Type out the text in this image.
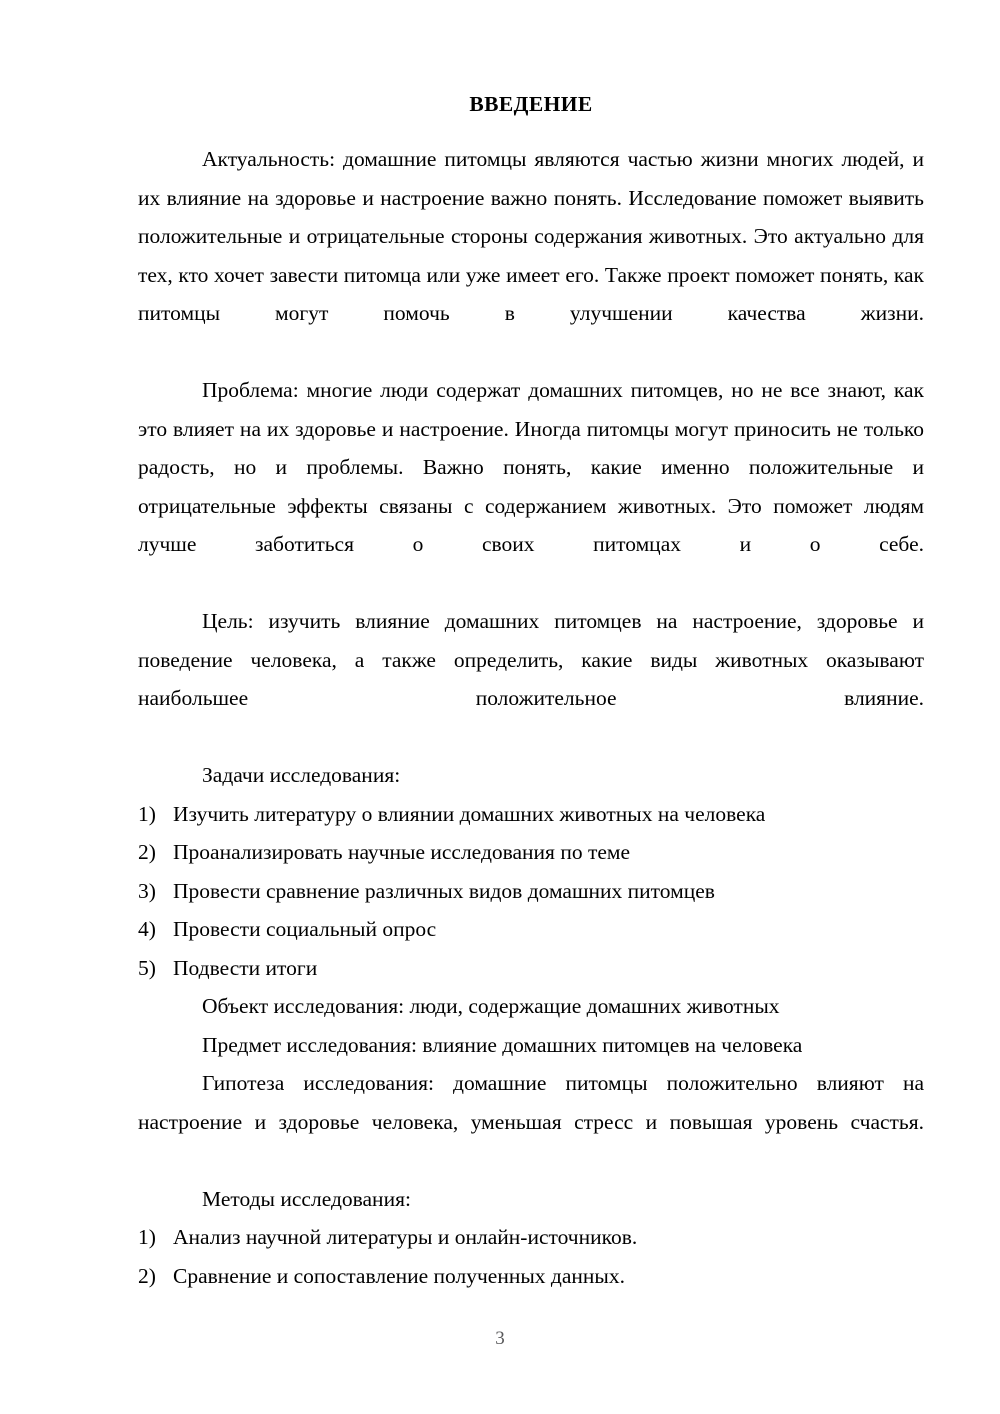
ВВЕДЕНИЕ

Актуальность: домашние питомцы являются частью жизни многих людей, и их влияние на здоровье и настроение важно понять. Исследование поможет выявить положительные и отрицательные стороны содержания животных. Это актуально для тех, кто хочет завести питомца или уже имеет его. Также проект поможет понять, как питомцы могут помочь в улучшении качества жизни.

Проблема: многие люди содержат домашних питомцев, но не все знают, как это влияет на их здоровье и настроение. Иногда питомцы могут приносить не только радость, но и проблемы. Важно понять, какие именно положительные и отрицательные эффекты связаны с содержанием животных. Это поможет людям лучше заботиться о своих питомцах и о себе.

Цель: изучить влияние домашних питомцев на настроение, здоровье и поведение человека, а также определить, какие виды животных оказывают наибольшее положительное влияние.

Задачи исследования:

1) Изучить литературу о влиянии домашних животных на человека
2) Проанализировать научные исследования по теме
3) Провести сравнение различных видов домашних питомцев
4) Провести социальный опрос
5) Подвести итоги

Объект исследования: люди, содержащие домашних животных

Предмет исследования: влияние домашних питомцев на человека

Гипотеза исследования: домашние питомцы положительно влияют на настроение и здоровье человека, уменьшая стресс и повышая уровень счастья.

Методы исследования:

1) Анализ научной литературы и онлайн-источников.
2) Сравнение и сопоставление полученных данных.
3
